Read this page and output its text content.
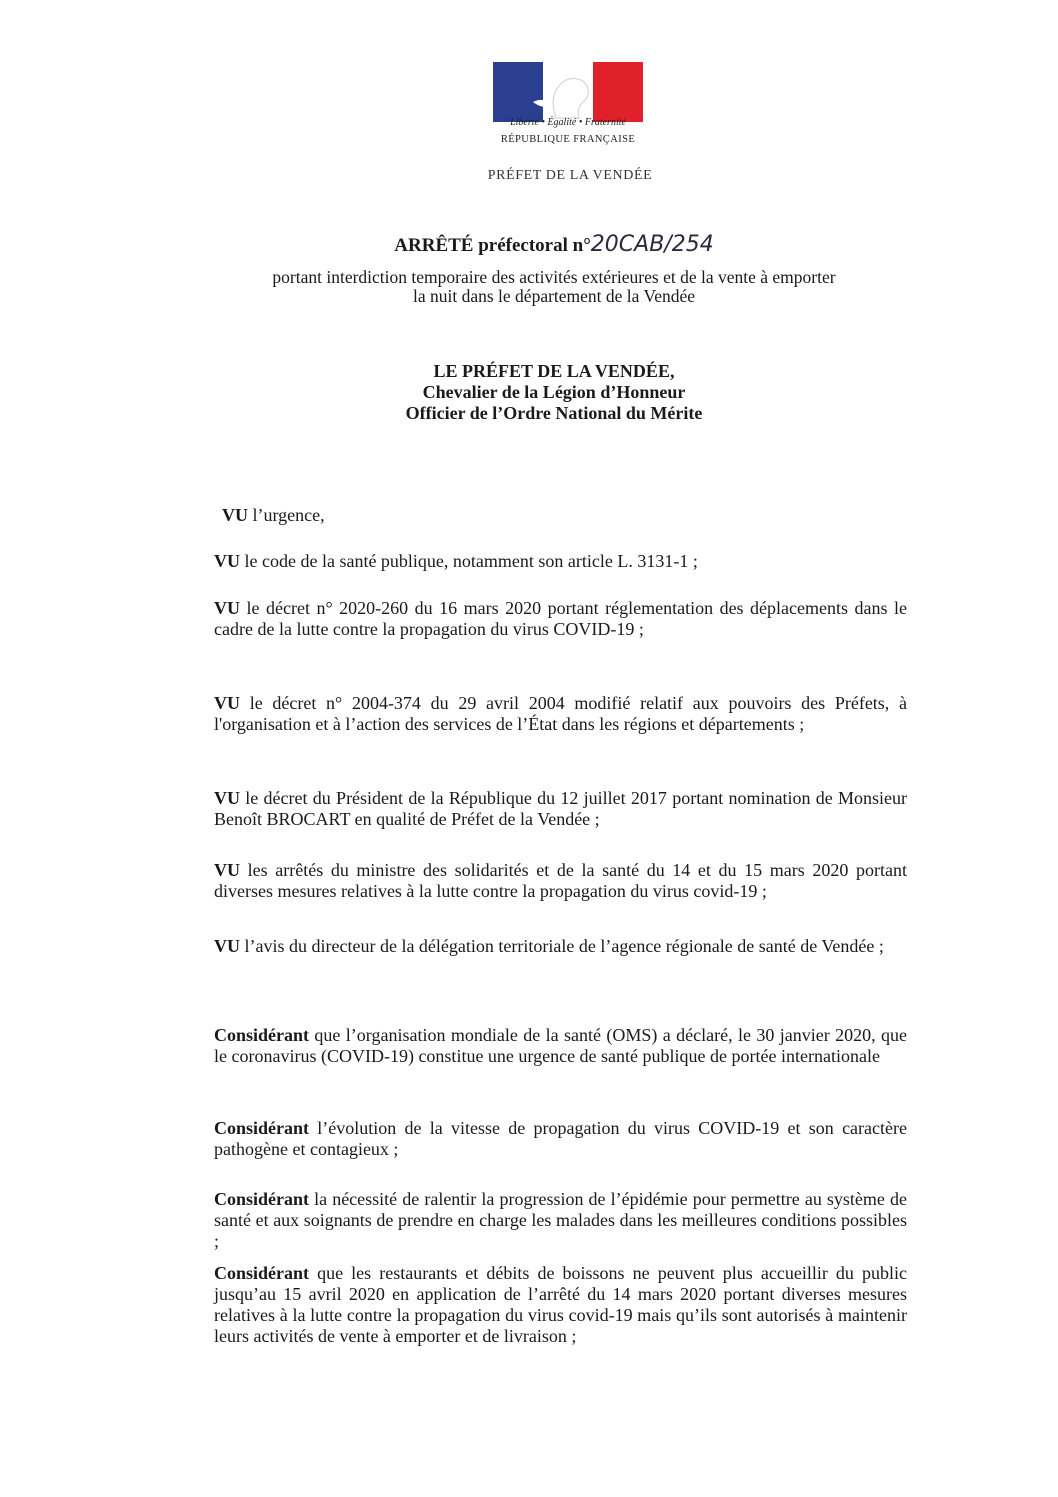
Liberté • Égalité • Fraternité
RÉPUBLIQUE FRANÇAISE
PRÉFET DE LA VENDÉE
ARRÊTÉ préfectoral n°20CAB/254
portant interdiction temporaire des activités extérieures et de la vente à emporter
la nuit dans le département de la Vendée
LE PRÉFET DE LA VENDÉE,
Chevalier de la Légion d’Honneur
Officier de l’Ordre National du Mérite
VU l’urgence,
VU le code de la santé publique, notamment son article L. 3131-1 ;
VU le décret n° 2020-260 du 16 mars 2020 portant réglementation des déplacements dans le cadre de la lutte contre la propagation du virus COVID-19 ;
VU le décret n° 2004-374 du 29 avril 2004 modifié relatif aux pouvoirs des Préfets, à l'organisation et à l’action des services de l’État dans les régions et départements ;
VU le décret du Président de la République du 12 juillet 2017 portant nomination de Monsieur Benoît BROCART en qualité de Préfet de la Vendée ;
VU les arrêtés du ministre des solidarités et de la santé du 14 et du 15 mars 2020 portant diverses mesures relatives à la lutte contre la propagation du virus covid-19 ;
VU l’avis du directeur de la délégation territoriale de l’agence régionale de santé de Vendée ;
Considérant que l’organisation mondiale de la santé (OMS) a déclaré, le 30 janvier 2020, que le coronavirus (COVID-19) constitue une urgence de santé publique de portée internationale
Considérant l’évolution de la vitesse de propagation du virus COVID-19 et son caractère pathogène et contagieux ;
Considérant la nécessité de ralentir la progression de l’épidémie pour permettre au système de santé et aux soignants de prendre en charge les malades dans les meilleures conditions possibles ;
Considérant que les restaurants et débits de boissons ne peuvent plus accueillir du public jusqu’au 15 avril 2020 en application de l’arrêté du 14 mars 2020 portant diverses mesures relatives à la lutte contre la propagation du virus covid-19 mais qu’ils sont autorisés à maintenir leurs activités de vente à emporter et de livraison ;
